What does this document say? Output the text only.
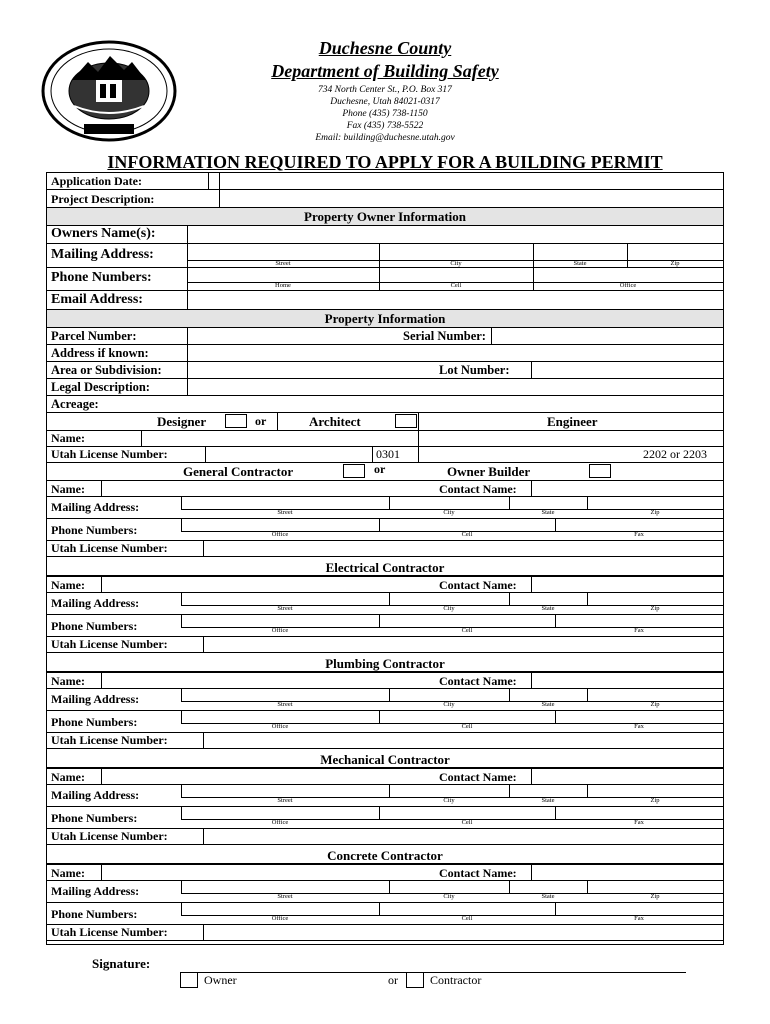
Duchesne County
Department of Building Safety
734 North Center St., P.O. Box 317
Duchesne, Utah 84021-0317
Phone (435) 738-1150
Fax (435) 738-5522
Email: building@duchesne.utah.gov
INFORMATION REQUIRED TO APPLY FOR A BUILDING PERMIT
Application Date:
Project Description:
Property Owner Information
Owners Name(s):
Mailing Address:
Street	City	State	Zip
Phone Numbers:
Home	Cell	Office
Email Address:
Property Information
Parcel Number:	Serial Number:
Address if known:
Area or Subdivision:	Lot Number:
Legal Description:
Acreage:
Designer	or	Architect	Engineer
Name:
Utah License Number:	0301	2202 or 2203
General Contractor	or	Owner Builder
Name:	Contact Name:
Mailing Address:	Street	City	State	Zip
Phone Numbers:	Office	Cell	Fax
Utah License Number:
Electrical Contractor
Name:	Contact Name:
Mailing Address:	Street	City	State	Zip
Phone Numbers:	Office	Cell	Fax
Utah License Number:
Plumbing Contractor
Name:	Contact Name:
Mailing Address:	Street	City	State	Zip
Phone Numbers:	Office	Cell	Fax
Utah License Number:
Mechanical Contractor
Name:	Contact Name:
Mailing Address:	Street	City	State	Zip
Phone Numbers:	Office	Cell	Fax
Utah License Number:
Concrete Contractor
Name:	Contact Name:
Mailing Address:	Street	City	State	Zip
Phone Numbers:	Office	Cell	Fax
Utah License Number:
Signature:
Owner	or	Contractor
